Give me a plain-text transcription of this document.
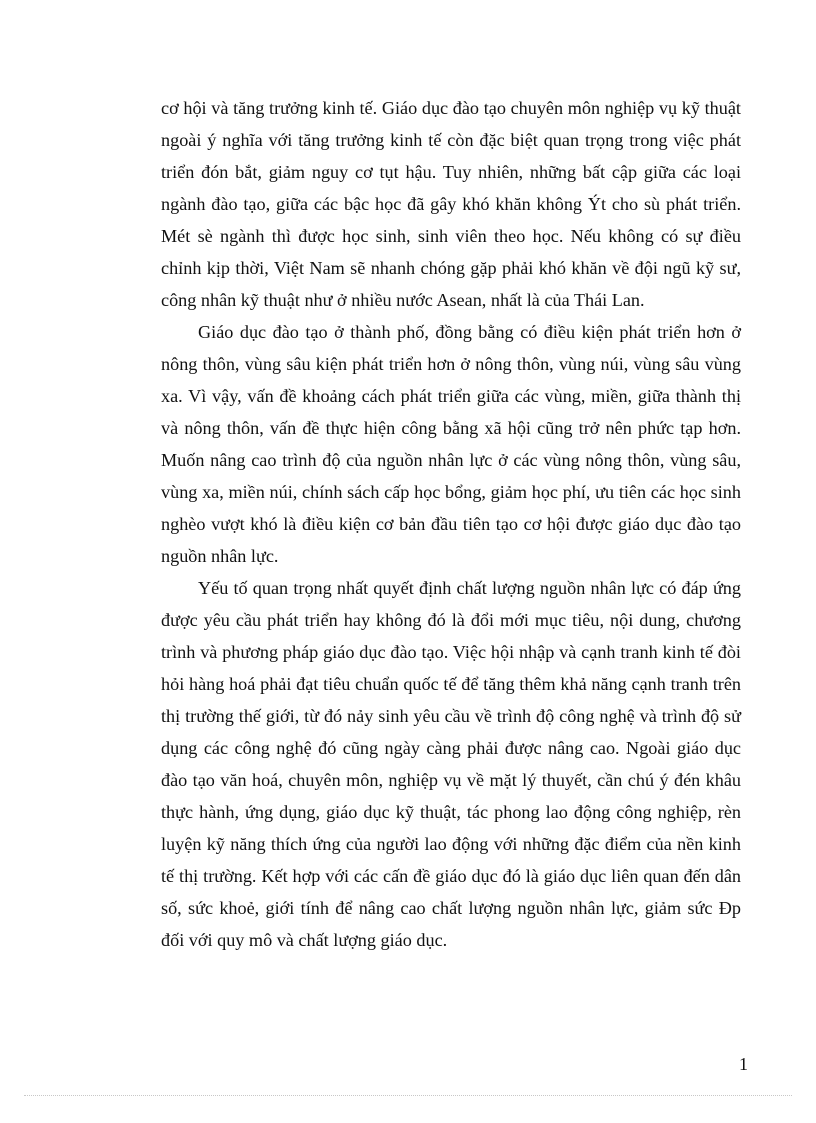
cơ hội và tăng trưởng kinh tế. Giáo dục đào tạo chuyên môn nghiệp vụ kỹ thuật ngoài ý nghĩa với tăng trưởng kinh tế còn đặc biệt quan trọng trong việc phát triển đón bắt, giảm nguy cơ tụt hậu. Tuy nhiên, những bất cập giữa các loại ngành đào tạo, giữa các bậc học đã gây khó khăn không Ýt cho sù phát triển. Mét sè ngành thì được học sinh, sinh viên theo học. Nếu không có sự điều chỉnh kịp thời, Việt Nam sẽ nhanh chóng gặp phải khó khăn về đội ngũ kỹ sư, công nhân kỹ thuật như ở nhiều nước Asean, nhất là của Thái Lan.

Giáo dục đào tạo ở thành phố, đồng bằng có điều kiện phát triển hơn ở nông thôn, vùng sâu kiện phát triển hơn ở nông thôn, vùng núi, vùng sâu vùng xa. Vì vậy, vấn đề khoảng cách phát triển giữa các vùng, miền, giữa thành thị và nông thôn, vấn đề thực hiện công bằng xã hội cũng trở nên phức tạp hơn. Muốn nâng cao trình độ của nguồn nhân lực ở các vùng nông thôn, vùng sâu, vùng xa, miền núi, chính sách cấp học bổng, giảm học phí, ưu tiên các học sinh nghèo vượt khó là điều kiện cơ bản đầu tiên tạo cơ hội được giáo dục đào tạo nguồn nhân lực.

Yếu tố quan trọng nhất quyết định chất lượng nguồn nhân lực có đáp ứng được yêu cầu phát triển hay không đó là đổi mới mục tiêu, nội dung, chương trình và phương pháp giáo dục đào tạo. Việc hội nhập và cạnh tranh kinh tế đòi hỏi hàng hoá phải đạt tiêu chuẩn quốc tế để tăng thêm khả năng cạnh tranh trên thị trường thế giới, từ đó nảy sinh yêu cầu về trình độ công nghệ và trình độ sử dụng các công nghệ đó cũng ngày càng phải được nâng cao. Ngoài giáo dục đào tạo văn hoá, chuyên môn, nghiệp vụ về mặt lý thuyết, cần chú ý đén khâu thực hành, ứng dụng, giáo dục kỹ thuật, tác phong lao động công nghiệp, rèn luyện kỹ năng thích ứng của người lao động với những đặc điểm của nền kinh tế thị trường. Kết hợp với các cấn đề giáo dục đó là giáo dục liên quan đến dân số, sức khoẻ, giới tính để nâng cao chất lượng nguồn nhân lực, giảm sức Ðp đối với quy mô và chất lượng giáo dục.

1
